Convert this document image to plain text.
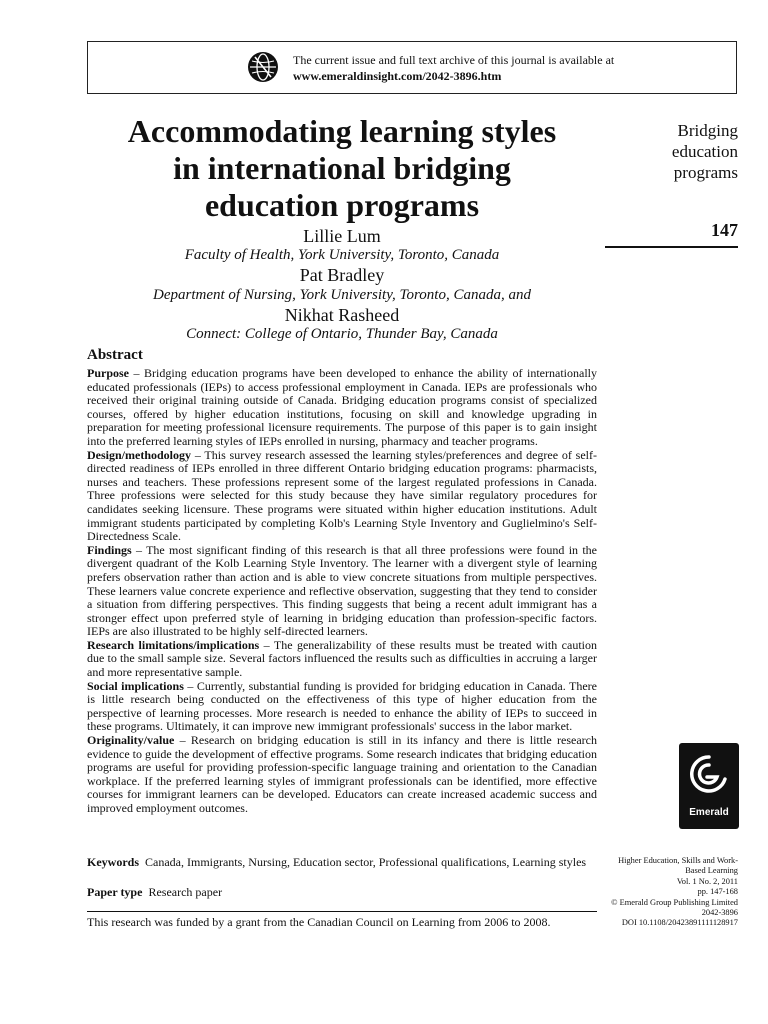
The current issue and full text archive of this journal is available at
www.emeraldinsight.com/2042-3896.htm
Accommodating learning styles
in international bridging
education programs
Lillie Lum
Faculty of Health, York University, Toronto, Canada
Pat Bradley
Department of Nursing, York University, Toronto, Canada, and
Nikhat Rasheed
Connect: College of Ontario, Thunder Bay, Canada
Bridging
education
programs
147
Abstract

Purpose – Bridging education programs have been developed to enhance the ability of internationally educated professionals (IEPs) to access professional employment in Canada. IEPs are professionals who received their original training outside of Canada. Bridging education programs consist of specialized courses, offered by higher education institutions, focusing on skill and knowledge upgrading in preparation for meeting professional licensure requirements. The purpose of this paper is to gain insight into the preferred learning styles of IEPs enrolled in nursing, pharmacy and teacher programs.

Design/methodology – This survey research assessed the learning styles/preferences and degree of self-directed readiness of IEPs enrolled in three different Ontario bridging education programs: pharmacists, nurses and teachers. These professions represent some of the largest regulated professions in Canada. Three professions were selected for this study because they have similar regulatory procedures for candidates seeking licensure. These programs were situated within higher education institutions. Adult immigrant students participated by completing Kolb's Learning Style Inventory and Guglielmino's Self-Directedness Scale.

Findings – The most significant finding of this research is that all three professions were found in the divergent quadrant of the Kolb Learning Style Inventory. The learner with a divergent style of learning prefers observation rather than action and is able to view concrete situations from multiple perspectives. These learners value concrete experience and reflective observation, suggesting that they tend to consider a situation from differing perspectives. This finding suggests that being a recent adult immigrant has a stronger effect upon preferred style of learning in bridging education than profession-specific factors. IEPs are also illustrated to be highly self-directed learners.

Research limitations/implications – The generalizability of these results must be treated with caution due to the small sample size. Several factors influenced the results such as difficulties in accruing a larger and more representative sample.

Social implications – Currently, substantial funding is provided for bridging education in Canada. There is little research being conducted on the effectiveness of this type of higher education from the perspective of learning processes. More research is needed to enhance the ability of IEPs to succeed in these programs. Ultimately, it can improve new immigrant professionals' success in the labor market.

Originality/value – Research on bridging education is still in its infancy and there is little research evidence to guide the development of effective programs. Some research indicates that bridging education programs are useful for providing profession-specific language training and orientation to the Canadian workplace. If the preferred learning styles of immigrant professionals can be identified, more effective courses for immigrant learners can be developed. Educators can create increased academic success and improved employment outcomes.

Keywords Canada, Immigrants, Nursing, Education sector, Professional qualifications, Learning styles
Paper type Research paper
This research was funded by a grant from the Canadian Council on Learning from 2006 to 2008.
Emerald
Higher Education, Skills and Work-
Based Learning
Vol. 1 No. 2, 2011
pp. 147-168
© Emerald Group Publishing Limited
2042-3896
DOI 10.1108/20423891111128917
